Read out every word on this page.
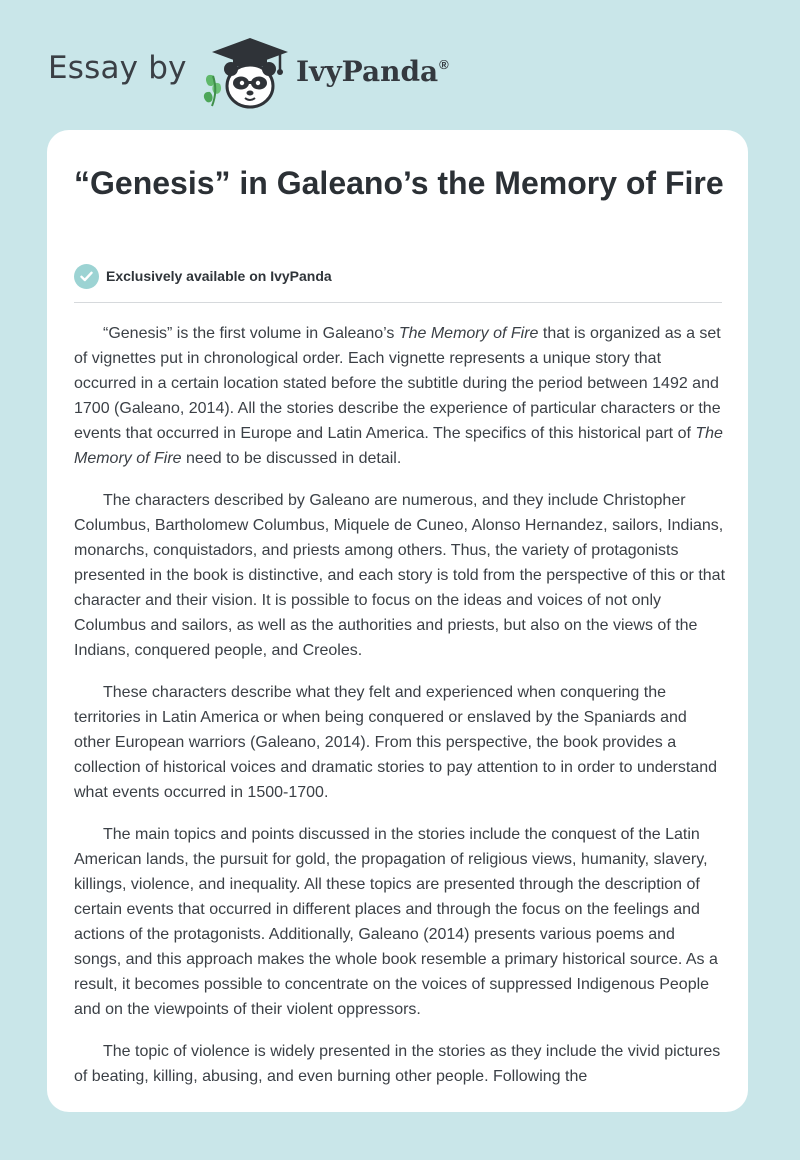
Essay by	IvyPanda®
“Genesis” in Galeano’s the Memory of Fire
Exclusively available on IvyPanda

“Genesis” is the first volume in Galeano’s The Memory of Fire that is organized as a set of vignettes put in chronological order. Each vignette represents a unique story that occurred in a certain location stated before the subtitle during the period between 1492 and 1700 (Galeano, 2014). All the stories describe the experience of particular characters or the events that occurred in Europe and Latin America. The specifics of this historical part of The Memory of Fire need to be discussed in detail.

The characters described by Galeano are numerous, and they include Christopher Columbus, Bartholomew Columbus, Miquele de Cuneo, Alonso Hernandez, sailors, Indians, monarchs, conquistadors, and priests among others. Thus, the variety of protagonists presented in the book is distinctive, and each story is told from the perspective of this or that character and their vision. It is possible to focus on the ideas and voices of not only Columbus and sailors, as well as the authorities and priests, but also on the views of the Indians, conquered people, and Creoles.

These characters describe what they felt and experienced when conquering the territories in Latin America or when being conquered or enslaved by the Spaniards and other European warriors (Galeano, 2014). From this perspective, the book provides a collection of historical voices and dramatic stories to pay attention to in order to understand what events occurred in 1500-1700.

The main topics and points discussed in the stories include the conquest of the Latin American lands, the pursuit for gold, the propagation of religious views, humanity, slavery, killings, violence, and inequality. All these topics are presented through the description of certain events that occurred in different places and through the focus on the feelings and actions of the protagonists. Additionally, Galeano (2014) presents various poems and songs, and this approach makes the whole book resemble a primary historical source. As a result, it becomes possible to concentrate on the voices of suppressed Indigenous People and on the viewpoints of their violent oppressors.

The topic of violence is widely presented in the stories as they include the vivid pictures of beating, killing, abusing, and even burning other people. Following the
